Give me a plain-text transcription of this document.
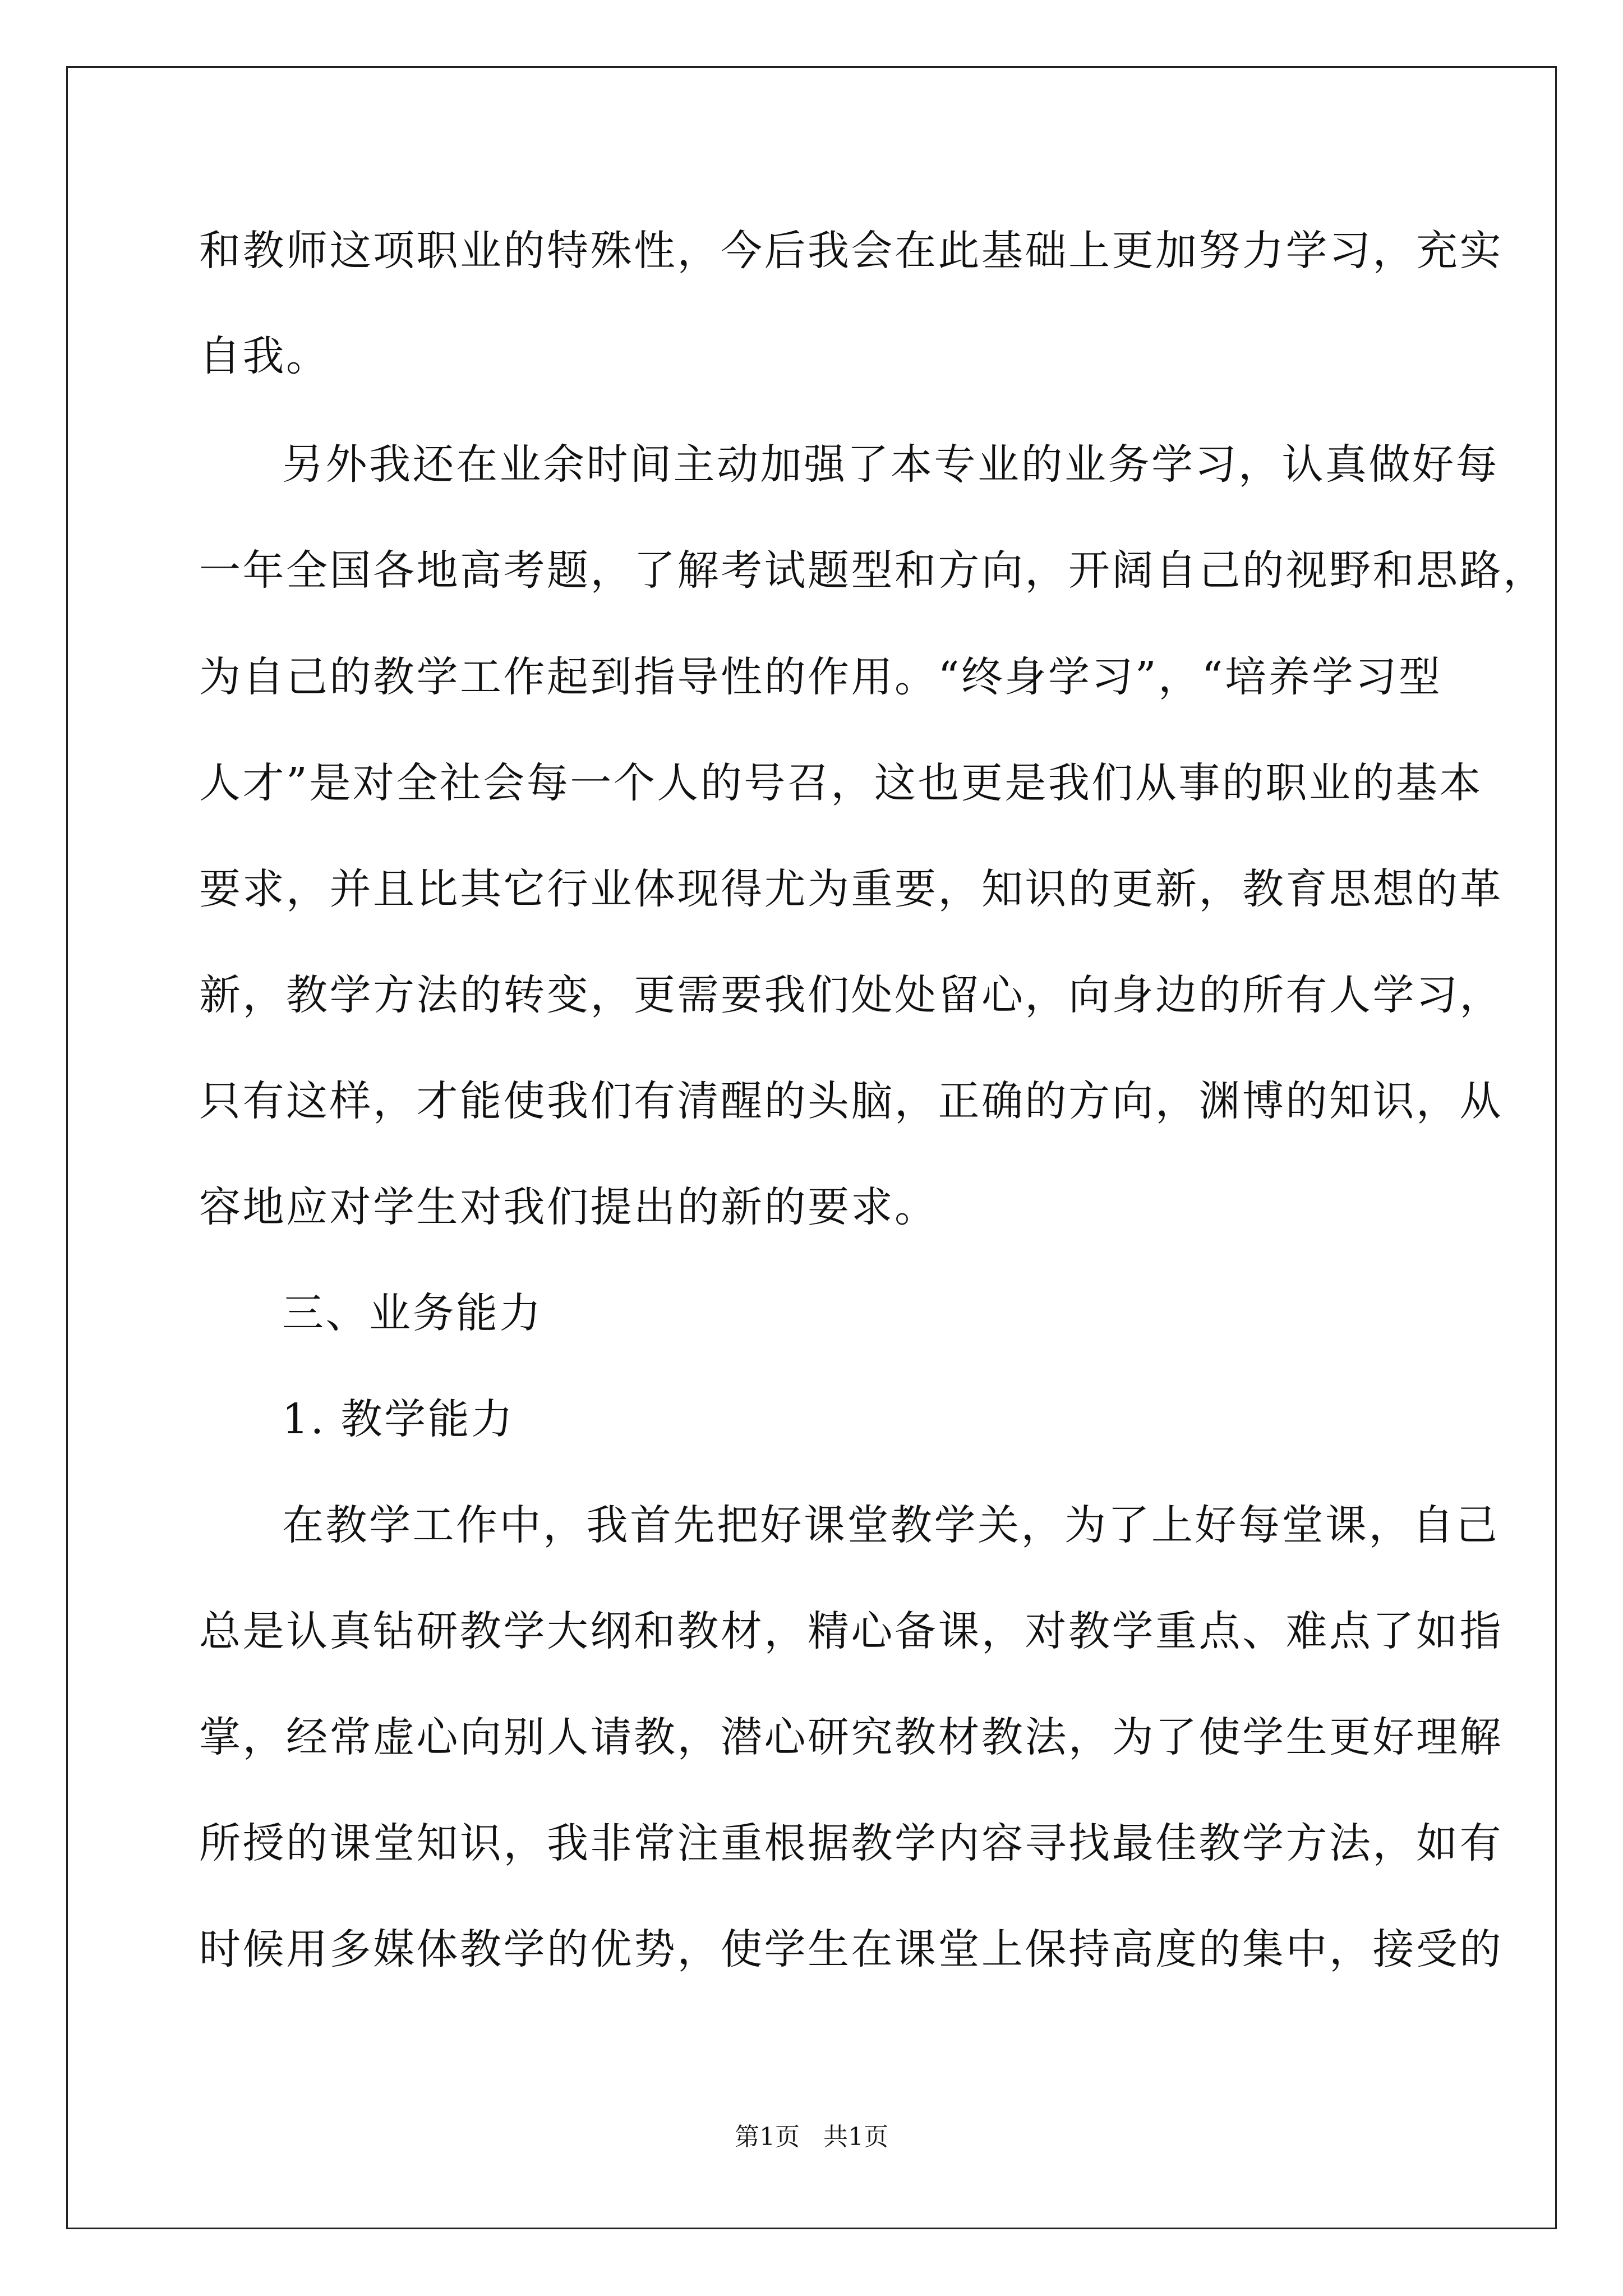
和教师这项职业的特殊性，今后我会在此基础上更加努力学习，充实
自我。
另外我还在业余时间主动加强了本专业的业务学习，认真做好每
一年全国各地高考题，了解考试题型和方向，开阔自己的视野和思路，
为自己的教学工作起到指导性的作用。“终身学习”，“培养学习型
人才”是对全社会每一个人的号召，这也更是我们从事的职业的基本
要求，并且比其它行业体现得尤为重要，知识的更新，教育思想的革
新，教学方法的转变，更需要我们处处留心，向身边的所有人学习，
只有这样，才能使我们有清醒的头脑，正确的方向，渊博的知识，从
容地应对学生对我们提出的新的要求。
三、业务能力
1. 教学能力
在教学工作中，我首先把好课堂教学关，为了上好每堂课，自己
总是认真钻研教学大纲和教材，精心备课，对教学重点、难点了如指
掌，经常虚心向别人请教，潜心研究教材教法，为了使学生更好理解
所授的课堂知识，我非常注重根据教学内容寻找最佳教学方法，如有
时候用多媒体教学的优势，使学生在课堂上保持高度的集中，接受的
第1页   共1页
